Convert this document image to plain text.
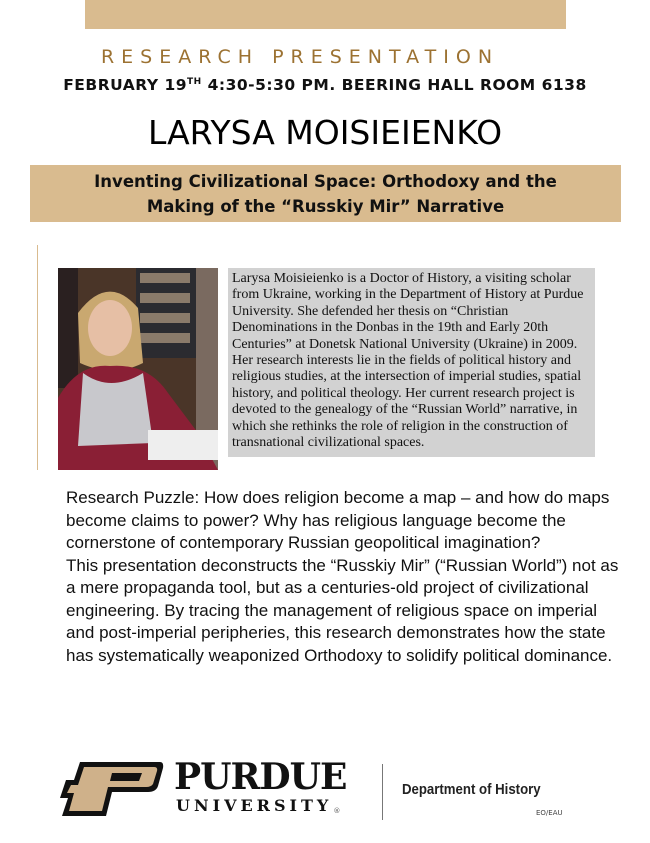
RESEARCH PRESENTATION
FEBRUARY 19TH 4:30-5:30 PM. BEERING HALL ROOM 6138
LARYSA MOISIEIENKO
Inventing Civilizational Space: Orthodoxy and the
Making of the “Russkiy Mir” Narrative
Larysa Moisieienko is a Doctor of History, a visiting scholar from Ukraine, working in the Department of History at Purdue University. She defended her thesis on “Christian Denominations in the Donbas in the 19th and Early 20th Centuries” at Donetsk National University (Ukraine) in 2009. Her research interests lie in the fields of political history and religious studies, at the intersection of imperial studies, spatial history, and political theology. Her current research project is devoted to the genealogy of the “Russian World” narrative, in which she rethinks the role of religion in the construction of transnational civilizational spaces.

Research Puzzle: How does religion become a map – and how do maps become claims to power? Why has religious language become the cornerstone of contemporary Russian geopolitical imagination?

This presentation deconstructs the “Russkiy Mir” (“Russian World”) not as a mere propaganda tool, but as a centuries-old project of civilizational engineering. By tracing the management of religious space on imperial and post-imperial peripheries, this research demonstrates how the state has systematically weaponized Orthodoxy to solidify political dominance.

PURDUE
UNIVERSITY ®
Department of History
EO/EAU
